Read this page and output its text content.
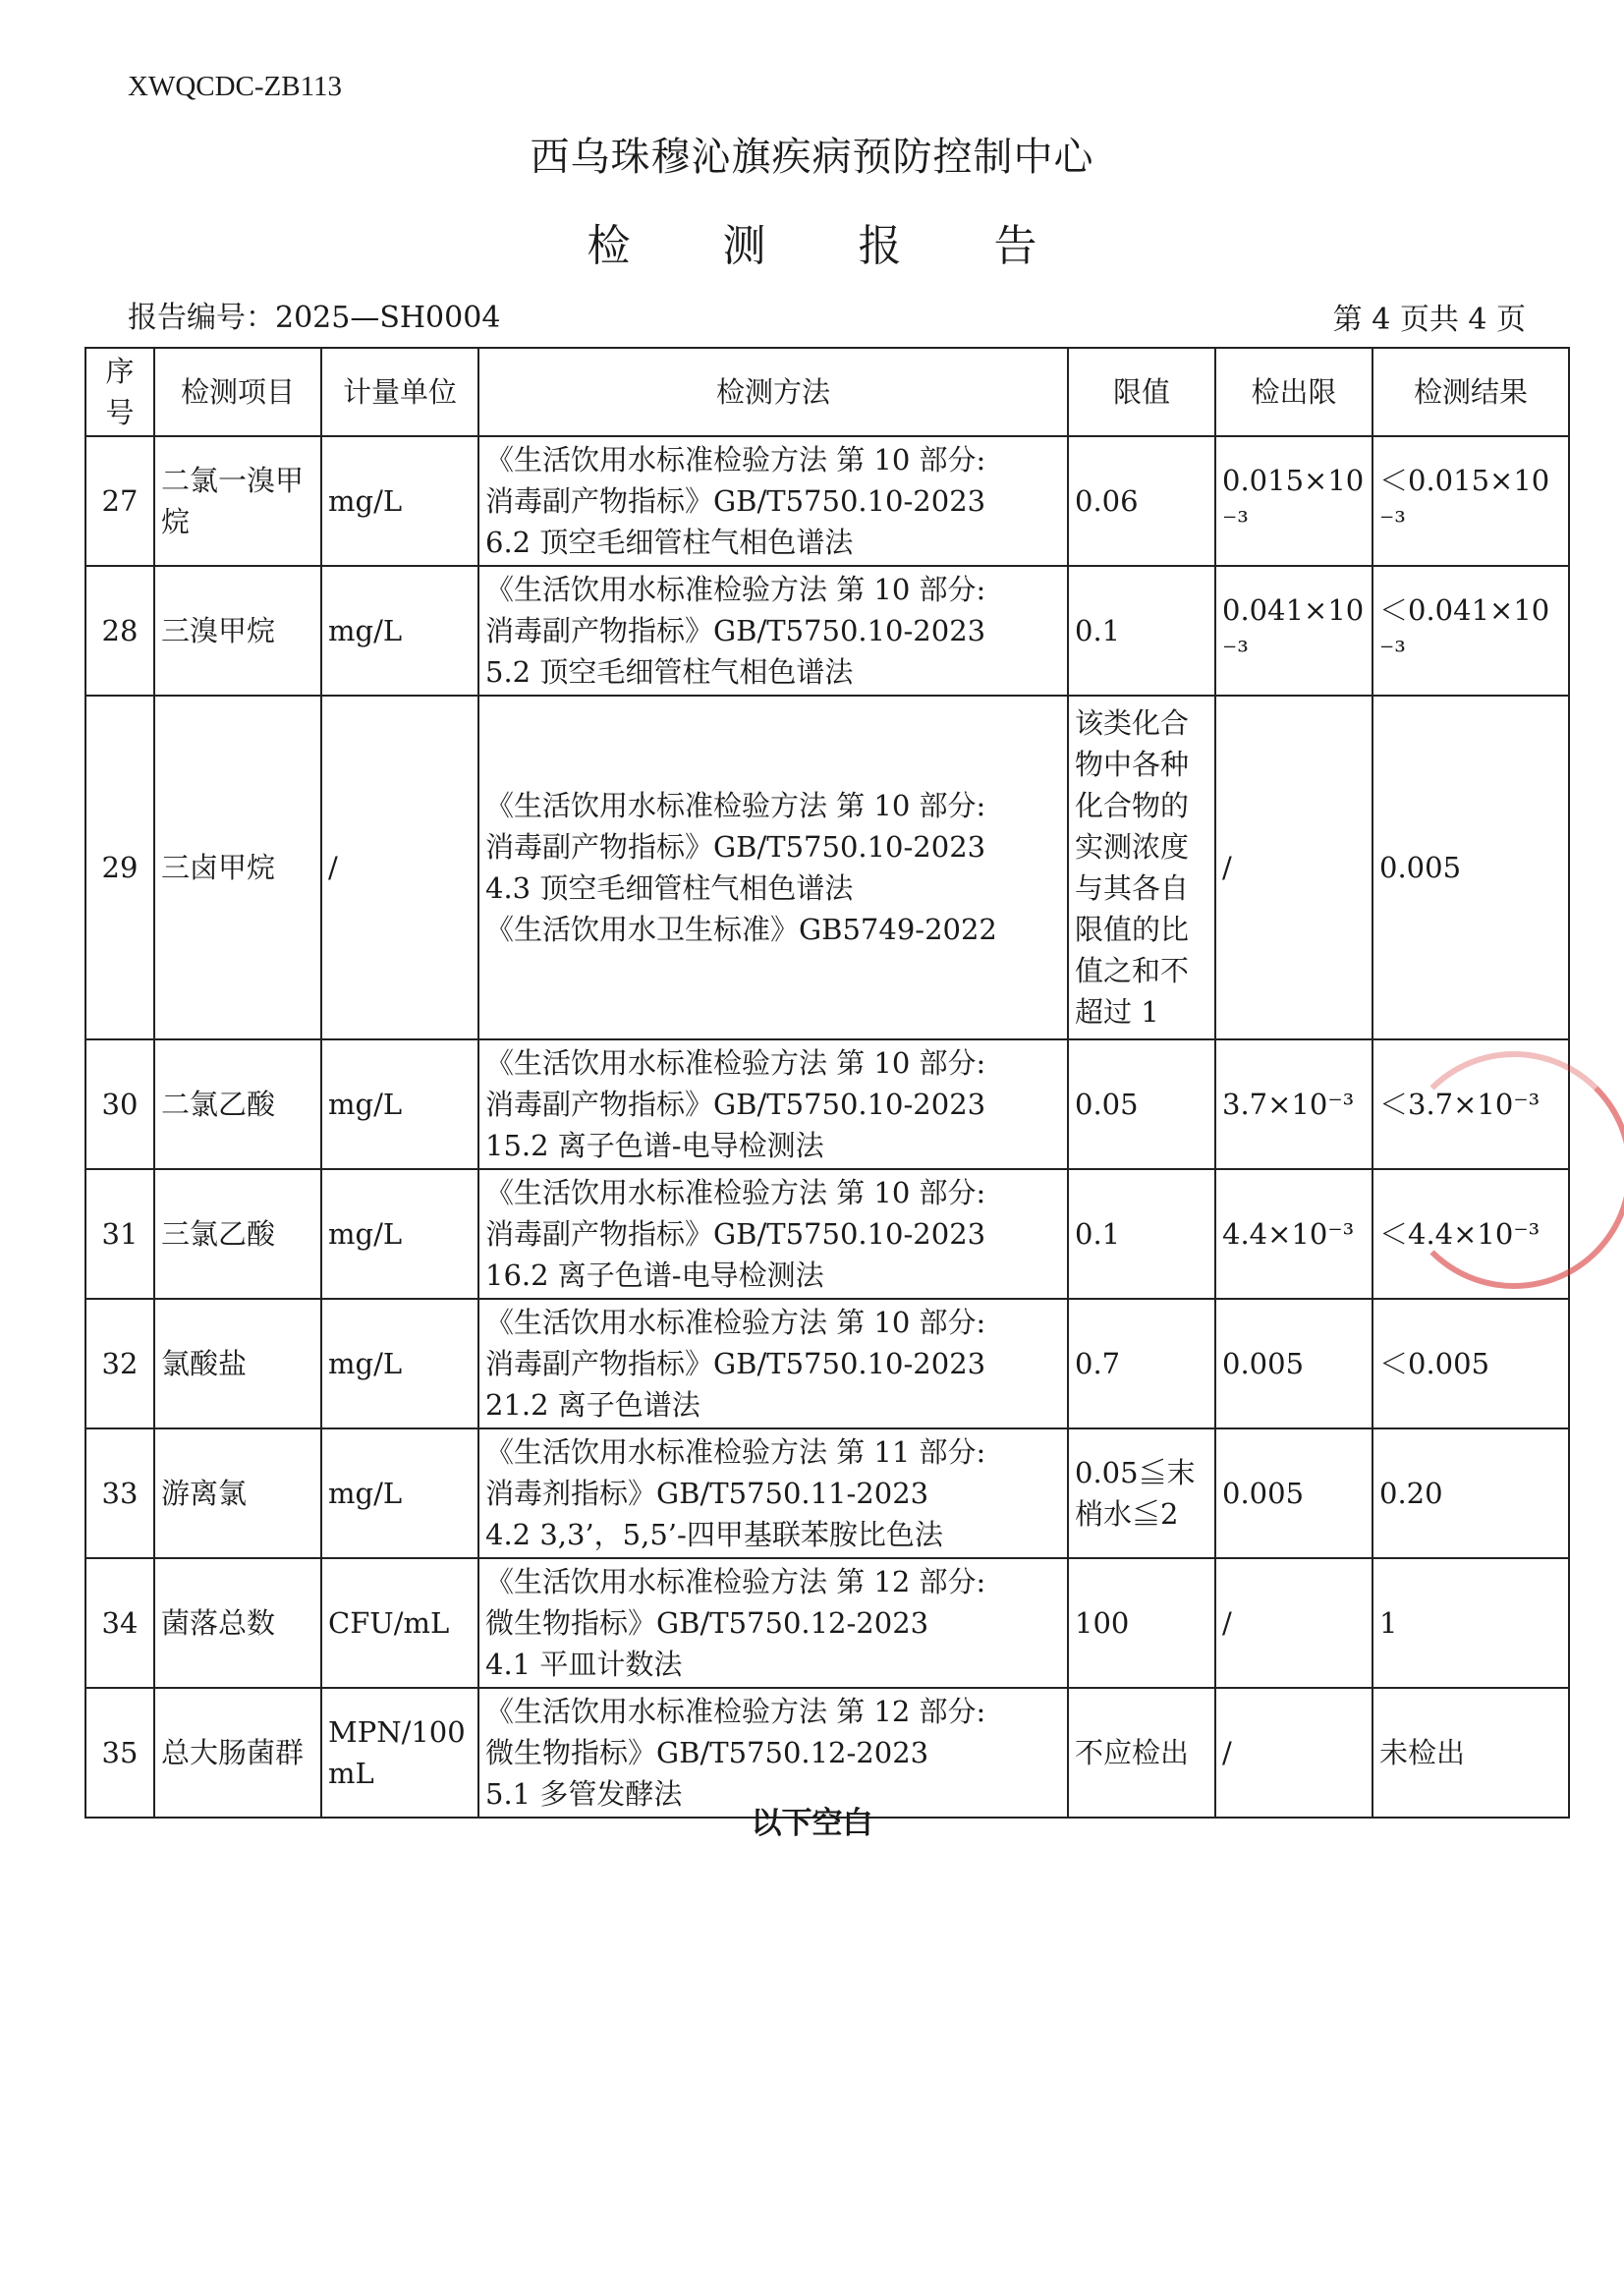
XWQCDC-ZB113
西乌珠穆沁旗疾病预防控制中心
检 测 报 告
报告编号：2025—SH0004	第 4 页共 4 页
序号	检测项目	计量单位	检测方法	限值	检出限	检测结果
27	二氯一溴甲烷	mg/L	《生活饮用水标准检验方法 第 10 部分:
消毒副产物指标》GB/T5750.10-2023
6.2 顶空毛细管柱气相色谱法	0.06	0.015×10⁻³	＜0.015×10⁻³
28	三溴甲烷	mg/L	《生活饮用水标准检验方法 第 10 部分:
消毒副产物指标》GB/T5750.10-2023
5.2 顶空毛细管柱气相色谱法	0.1	0.041×10⁻³	＜0.041×10⁻³
29	三卤甲烷	/	《生活饮用水标准检验方法 第 10 部分:
消毒副产物指标》GB/T5750.10-2023
4.3 顶空毛细管柱气相色谱法
《生活饮用水卫生标准》GB5749-2022	该类化合物中各种化合物的实测浓度与其各自限值的比值之和不超过 1	/	0.005
30	二氯乙酸	mg/L	《生活饮用水标准检验方法 第 10 部分:
消毒副产物指标》GB/T5750.10-2023
15.2 离子色谱-电导检测法	0.05	3.7×10⁻³	＜3.7×10⁻³
31	三氯乙酸	mg/L	《生活饮用水标准检验方法 第 10 部分:
消毒副产物指标》GB/T5750.10-2023
16.2 离子色谱-电导检测法	0.1	4.4×10⁻³	＜4.4×10⁻³
32	氯酸盐	mg/L	《生活饮用水标准检验方法 第 10 部分:
消毒副产物指标》GB/T5750.10-2023
21.2 离子色谱法	0.7	0.005	＜0.005
33	游离氯	mg/L	《生活饮用水标准检验方法 第 11 部分:
消毒剂指标》GB/T5750.11-2023
4.2 3,3’，5,5’-四甲基联苯胺比色法	0.05≦末梢水≦2	0.005	0.20
34	菌落总数	CFU/mL	《生活饮用水标准检验方法 第 12 部分:
微生物指标》GB/T5750.12-2023
4.1 平皿计数法	100	/	1
35	总大肠菌群	MPN/100mL	《生活饮用水标准检验方法 第 12 部分:
微生物指标》GB/T5750.12-2023
5.1 多管发酵法	不应检出	/	未检出
以下空白
